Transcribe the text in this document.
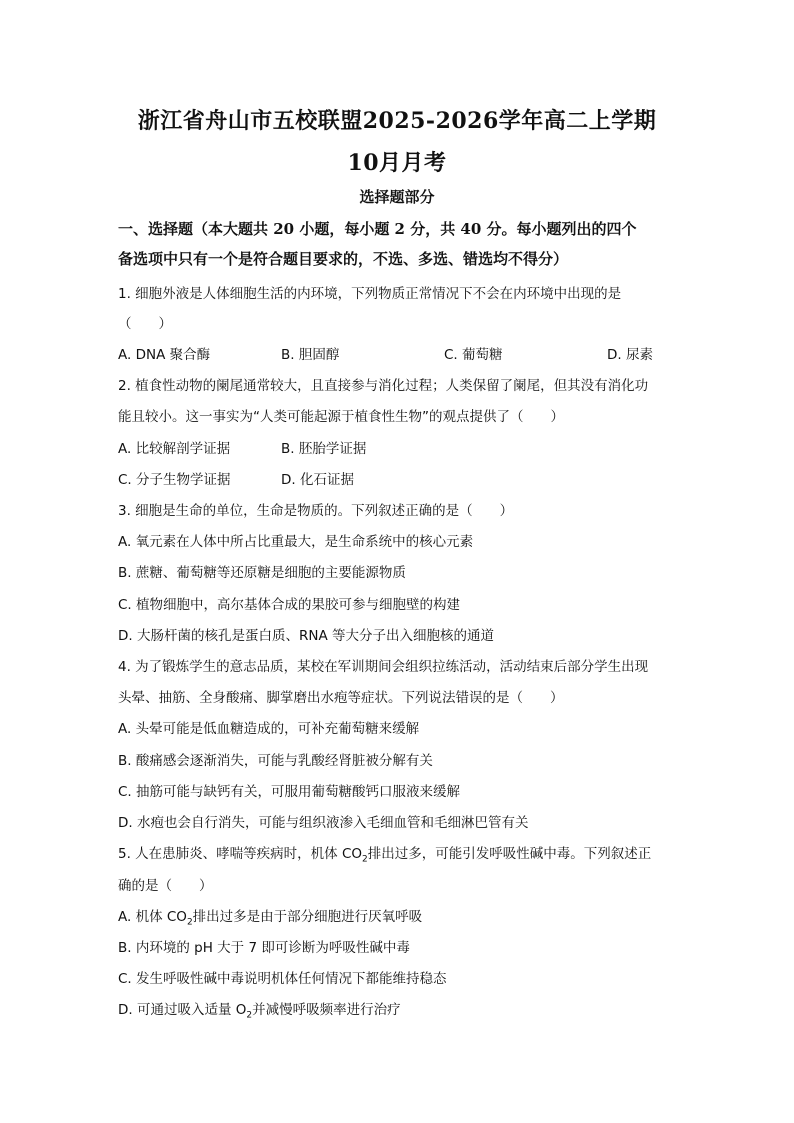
浙江省舟山市五校联盟2025-2026学年高二上学期
10月月考
选择题部分
一、选择题（本大题共 20 小题，每小题 2 分，共 40 分。每小题列出的四个
备选项中只有一个是符合题目要求的，不选、多选、错选均不得分）
1. 细胞外液是人体细胞生活的内环境，下列物质正常情况下不会在内环境中出现的是
（　　）
A. DNA 聚合酶	B. 胆固醇	C. 葡萄糖	D. 尿素
2. 植食性动物的阑尾通常较大，且直接参与消化过程；人类保留了阑尾，但其没有消化功
能且较小。这一事实为“人类可能起源于植食性生物”的观点提供了（　　）
A. 比较解剖学证据	B. 胚胎学证据
C. 分子生物学证据	D. 化石证据
3. 细胞是生命的单位，生命是物质的。下列叙述正确的是（　　）
A. 氧元素在人体中所占比重最大，是生命系统中的核心元素
B. 蔗糖、葡萄糖等还原糖是细胞的主要能源物质
C. 植物细胞中，高尔基体合成的果胶可参与细胞壁的构建
D. 大肠杆菌的核孔是蛋白质、RNA 等大分子出入细胞核的通道
4. 为了锻炼学生的意志品质，某校在军训期间会组织拉练活动，活动结束后部分学生出现
头晕、抽筋、全身酸痛、脚掌磨出水疱等症状。下列说法错误的是（　　）
A. 头晕可能是低血糖造成的，可补充葡萄糖来缓解
B. 酸痛感会逐渐消失，可能与乳酸经肾脏被分解有关
C. 抽筋可能与缺钙有关，可服用葡萄糖酸钙口服液来缓解
D. 水疱也会自行消失，可能与组织液渗入毛细血管和毛细淋巴管有关
5. 人在患肺炎、哮喘等疾病时，机体 $CO_2$排出过多，可能引发呼吸性碱中毒。下列叙述正
确的是（　　）
A. 机体 $CO_2$排出过多是由于部分细胞进行厌氧呼吸
B. 内环境的 pH 大于 7 即可诊断为呼吸性碱中毒
C. 发生呼吸性碱中毒说明机体任何情况下都能维持稳态
D. 可通过吸入适量 $O_2$并减慢呼吸频率进行治疗
